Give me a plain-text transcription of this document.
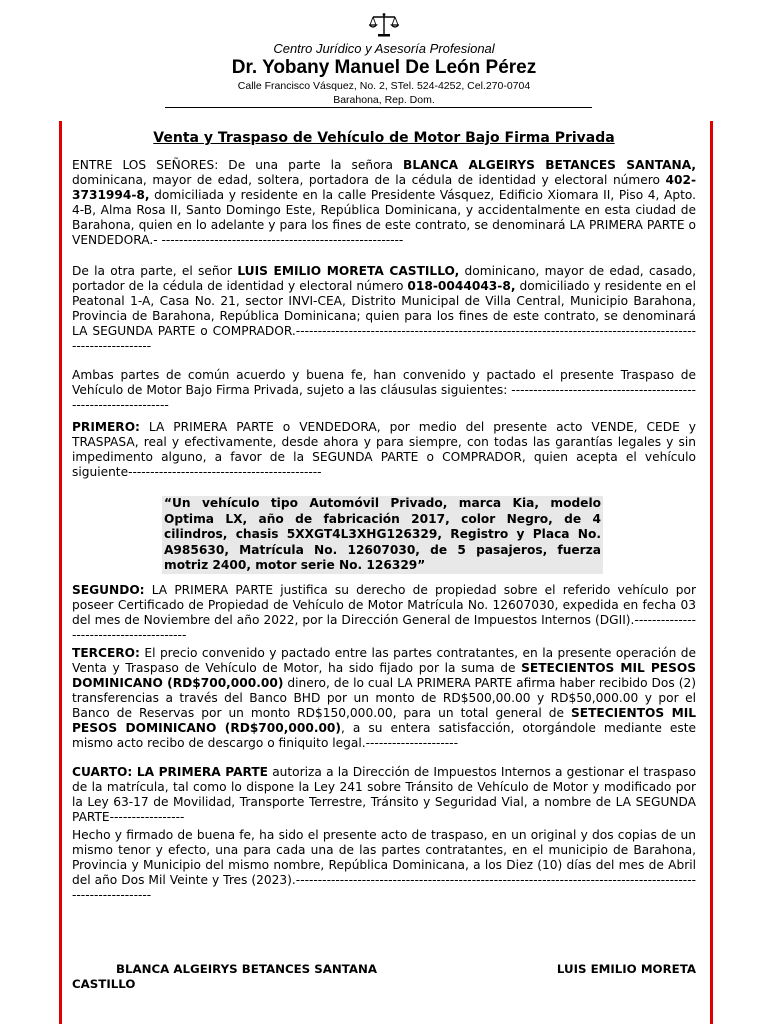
Centro Jurídico y Asesoría Profesional
Dr. Yobany Manuel De León Pérez
Calle Francisco Vásquez, No. 2, STel. 524-4252, Cel.270-0704
Barahona, Rep. Dom.
Venta y Traspaso de Vehículo de Motor Bajo Firma Privada

ENTRE LOS SEÑORES: De una parte la señora BLANCA ALGEIRYS BETANCES SANTANA, dominicana, mayor de edad, soltera, portadora de la cédula de identidad y electoral número 402-3731994-8, domiciliada y residente en la calle Presidente Vásquez, Edificio Xiomara II, Piso 4, Apto. 4-B, Alma Rosa II, Santo Domingo Este, República Dominicana, y accidentalmente en esta ciudad de Barahona, quien en lo adelante y para los fines de este contrato, se denominará LA PRIMERA PARTE o VENDEDORA.- -------------------------------------------------------

De la otra parte, el señor LUIS EMILIO MORETA CASTILLO, dominicano, mayor de edad, casado, portador de la cédula de identidad y electoral número 018-0044043-8, domiciliado y residente en el Peatonal 1-A, Casa No. 21, sector INVI-CEA, Distrito Municipal de Villa Central, Municipio Barahona, Provincia de Barahona, República Dominicana; quien para los fines de este contrato, se denominará LA SEGUNDA PARTE o COMPRADOR.-------------------------------------------------------------------------------------------------------------

Ambas partes de común acuerdo y buena fe, han convenido y pactado el presente Traspaso de Vehículo de Motor Bajo Firma Privada, sujeto a las cláusulas siguientes: ----------------------------------------------------------------

PRIMERO: LA PRIMERA PARTE o VENDEDORA, por medio del presente acto VENDE, CEDE y TRASPASA, real y efectivamente, desde ahora y para siempre, con todas las garantías legales y sin impedimento alguno, a favor de la SEGUNDA PARTE o COMPRADOR, quien acepta el vehículo siguiente--------------------------------------------

“Un vehículo tipo Automóvil Privado, marca Kia, modelo Optima LX, año de fabricación 2017, color Negro, de 4 cilindros, chasis 5XXGT4L3XHG126329, Registro y Placa No. A985630, Matrícula No. 12607030, de 5 pasajeros, fuerza motriz 2400, motor serie No. 126329”

SEGUNDO: LA PRIMERA PARTE justifica su derecho de propiedad sobre el referido vehículo por poseer Certificado de Propiedad de Vehículo de Motor Matrícula No. 12607030, expedida en fecha 03 del mes de Noviembre del año 2022, por la Dirección General de Impuestos Internos (DGII).----------------------------------------

TERCERO: El precio convenido y pactado entre las partes contratantes, en la presente operación de Venta y Traspaso de Vehículo de Motor, ha sido fijado por la suma de SETECIENTOS MIL PESOS DOMINICANO (RD$700,000.00) dinero, de lo cual LA PRIMERA PARTE afirma haber recibido Dos (2) transferencias a través del Banco BHD por un monto de RD$500,00.00 y RD$50,000.00 y por el Banco de Reservas por un monto RD$150,000.00, para un total general de SETECIENTOS MIL PESOS DOMINICANO (RD$700,000.00), a su entera satisfacción, otorgándole mediante este mismo acto recibo de descargo o finiquito legal.---------------------

CUARTO: LA PRIMERA PARTE autoriza a la Dirección de Impuestos Internos a gestionar el traspaso de la matrícula, tal como lo dispone la Ley 241 sobre Tránsito de Vehículo de Motor y modificado por la Ley 63-17 de Movilidad, Transporte Terrestre, Tránsito y Seguridad Vial, a nombre de LA SEGUNDA PARTE-----------------

Hecho y firmado de buena fe, ha sido el presente acto de traspaso, en un original y dos copias de un mismo tenor y efecto, una para cada una de las partes contratantes, en el municipio de Barahona, Provincia y Municipio del mismo nombre, República Dominicana, a los Diez (10) días del mes de Abril del año Dos Mil Veinte y Tres (2023).-------------------------------------------------------------------------------------------------------------

BLANCA ALGEIRYS BETANCES SANTANA	LUIS EMILIO MORETA

CASTILLO
